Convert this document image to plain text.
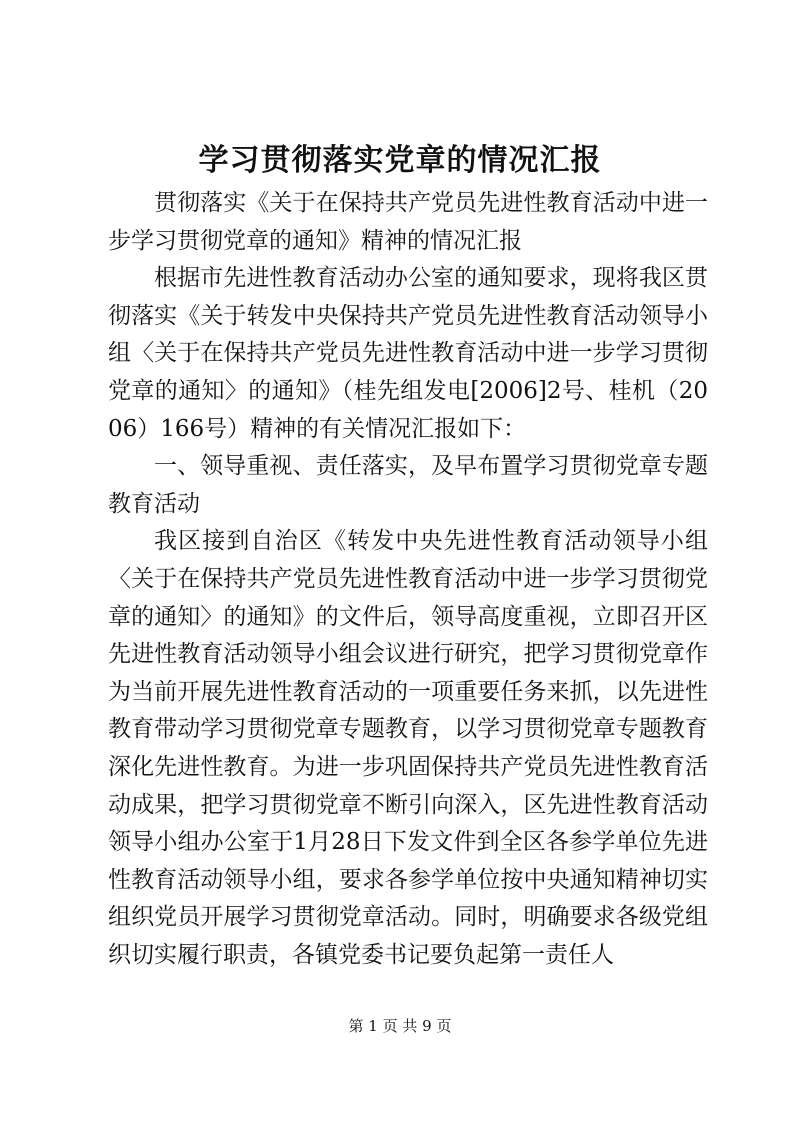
学习贯彻落实党章的情况汇报

贯彻落实《关于在保持共产党员先进性教育活动中进一步学习贯彻党章的通知》精神的情况汇报

根据市先进性教育活动办公室的通知要求，现将我区贯彻落实《关于转发中央保持共产党员先进性教育活动领导小组〈关于在保持共产党员先进性教育活动中进一步学习贯彻党章的通知〉的通知》（桂先组发电[2006]2号、桂机（2006）166号）精神的有关情况汇报如下：

一、领导重视、责任落实，及早布置学习贯彻党章专题教育活动

我区接到自治区《转发中央先进性教育活动领导小组〈关于在保持共产党员先进性教育活动中进一步学习贯彻党章的通知〉的通知》的文件后，领导高度重视，立即召开区先进性教育活动领导小组会议进行研究，把学习贯彻党章作为当前开展先进性教育活动的一项重要任务来抓，以先进性教育带动学习贯彻党章专题教育，以学习贯彻党章专题教育深化先进性教育。为进一步巩固保持共产党员先进性教育活动成果，把学习贯彻党章不断引向深入，区先进性教育活动领导小组办公室于1月28日下发文件到全区各参学单位先进性教育活动领导小组，要求各参学单位按中央通知精神切实组织党员开展学习贯彻党章活动。同时，明确要求各级党组织切实履行职责，各镇党委书记要负起第一责任人

第 1 页 共 9 页
